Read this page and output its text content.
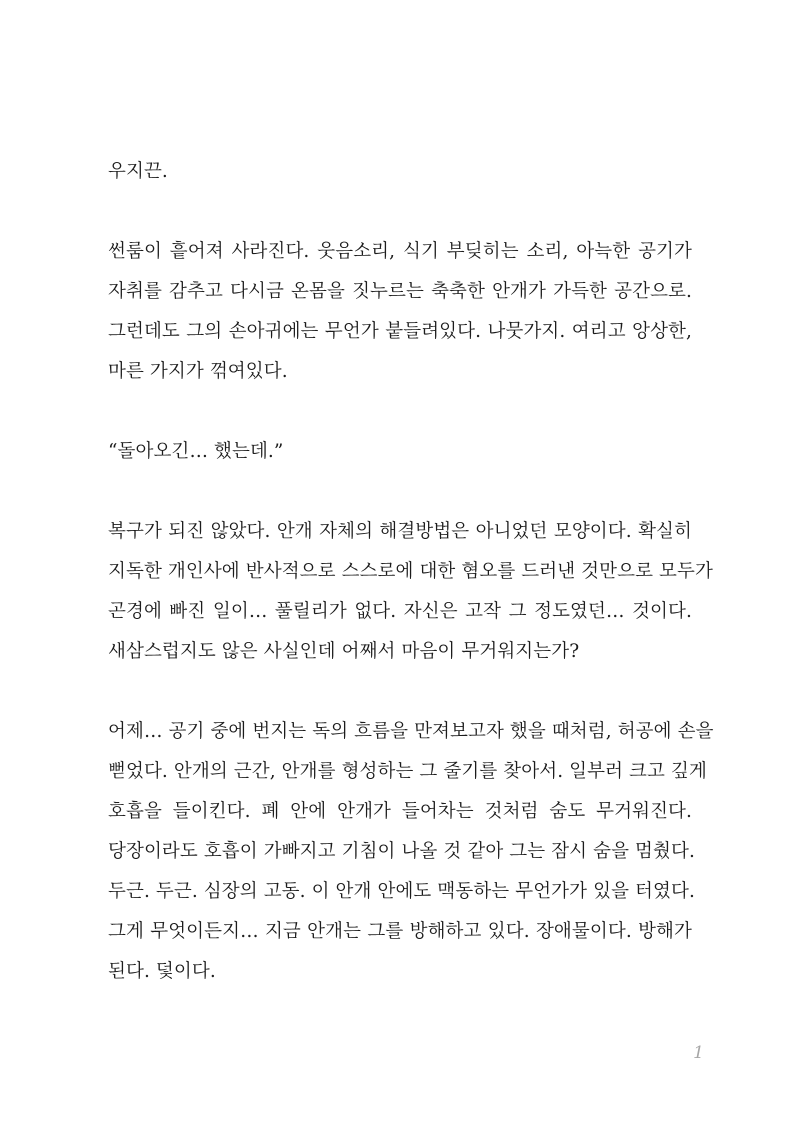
우지끈.
썬룸이 흩어져 사라진다. 웃음소리, 식기 부딪히는 소리, 아늑한 공기가
자취를 감추고 다시금 온몸을 짓누르는 축축한 안개가 가득한 공간으로.
그런데도 그의 손아귀에는 무언가 붙들려있다. 나뭇가지. 여리고 앙상한,
마른 가지가 꺾여있다.
“돌아오긴… 했는데.”
복구가 되진 않았다. 안개 자체의 해결방법은 아니었던 모양이다. 확실히
지독한 개인사에 반사적으로 스스로에 대한 혐오를 드러낸 것만으로 모두가
곤경에 빠진 일이… 풀릴리가 없다. 자신은 고작 그 정도였던… 것이다.
새삼스럽지도 않은 사실인데 어째서 마음이 무거워지는가?
어제… 공기 중에 번지는 독의 흐름을 만져보고자 했을 때처럼, 허공에 손을
뻗었다. 안개의 근간, 안개를 형성하는 그 줄기를 찾아서. 일부러 크고 깊게
호흡을 들이킨다. 폐 안에 안개가 들어차는 것처럼 숨도 무거워진다.
당장이라도 호흡이 가빠지고 기침이 나올 것 같아 그는 잠시 숨을 멈췄다.
두근. 두근. 심장의 고동. 이 안개 안에도 맥동하는 무언가가 있을 터였다.
그게 무엇이든지… 지금 안개는 그를 방해하고 있다. 장애물이다. 방해가
된다. 덫이다.
1
